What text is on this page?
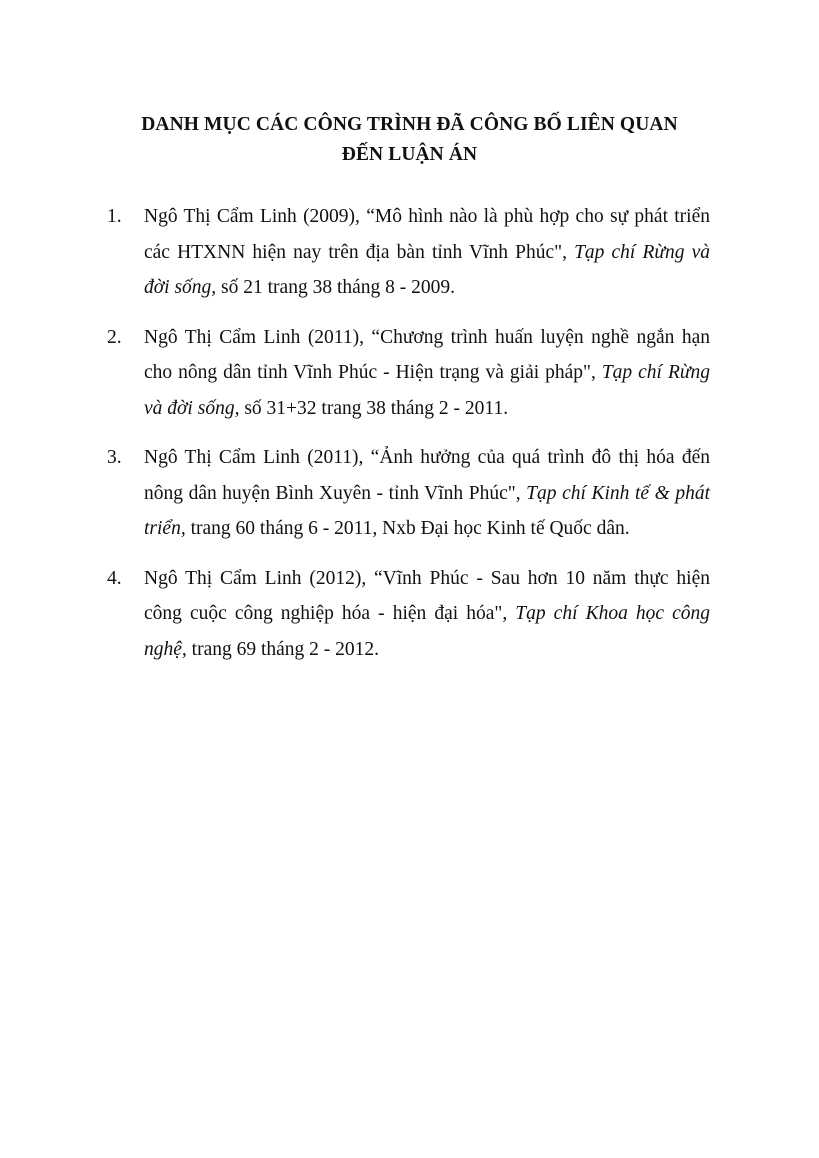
DANH MỤC CÁC CÔNG TRÌNH ĐÃ CÔNG BỐ LIÊN QUAN
ĐẾN LUẬN ÁN
1. Ngô Thị Cẩm Linh (2009), “Mô hình nào là phù hợp cho sự phát triển các HTXNN hiện nay trên địa bàn tỉnh Vĩnh Phúc", Tạp chí Rừng và đời sống, số 21 trang 38 tháng 8 - 2009.
2. Ngô Thị Cẩm Linh (2011), “Chương trình huấn luyện nghề ngắn hạn cho nông dân tỉnh Vĩnh Phúc - Hiện trạng và giải pháp", Tạp chí Rừng và đời sống, số 31+32 trang 38 tháng 2 - 2011.
3. Ngô Thị Cẩm Linh (2011), “Ảnh hưởng của quá trình đô thị hóa đến nông dân huyện Bình Xuyên - tỉnh Vĩnh Phúc", Tạp chí Kinh tế & phát triển, trang 60 tháng 6 - 2011, Nxb Đại học Kinh tế Quốc dân.
4. Ngô Thị Cẩm Linh (2012), “Vĩnh Phúc - Sau hơn 10 năm thực hiện công cuộc công nghiệp hóa - hiện đại hóa", Tạp chí Khoa học công nghệ, trang 69 tháng 2 - 2012.
